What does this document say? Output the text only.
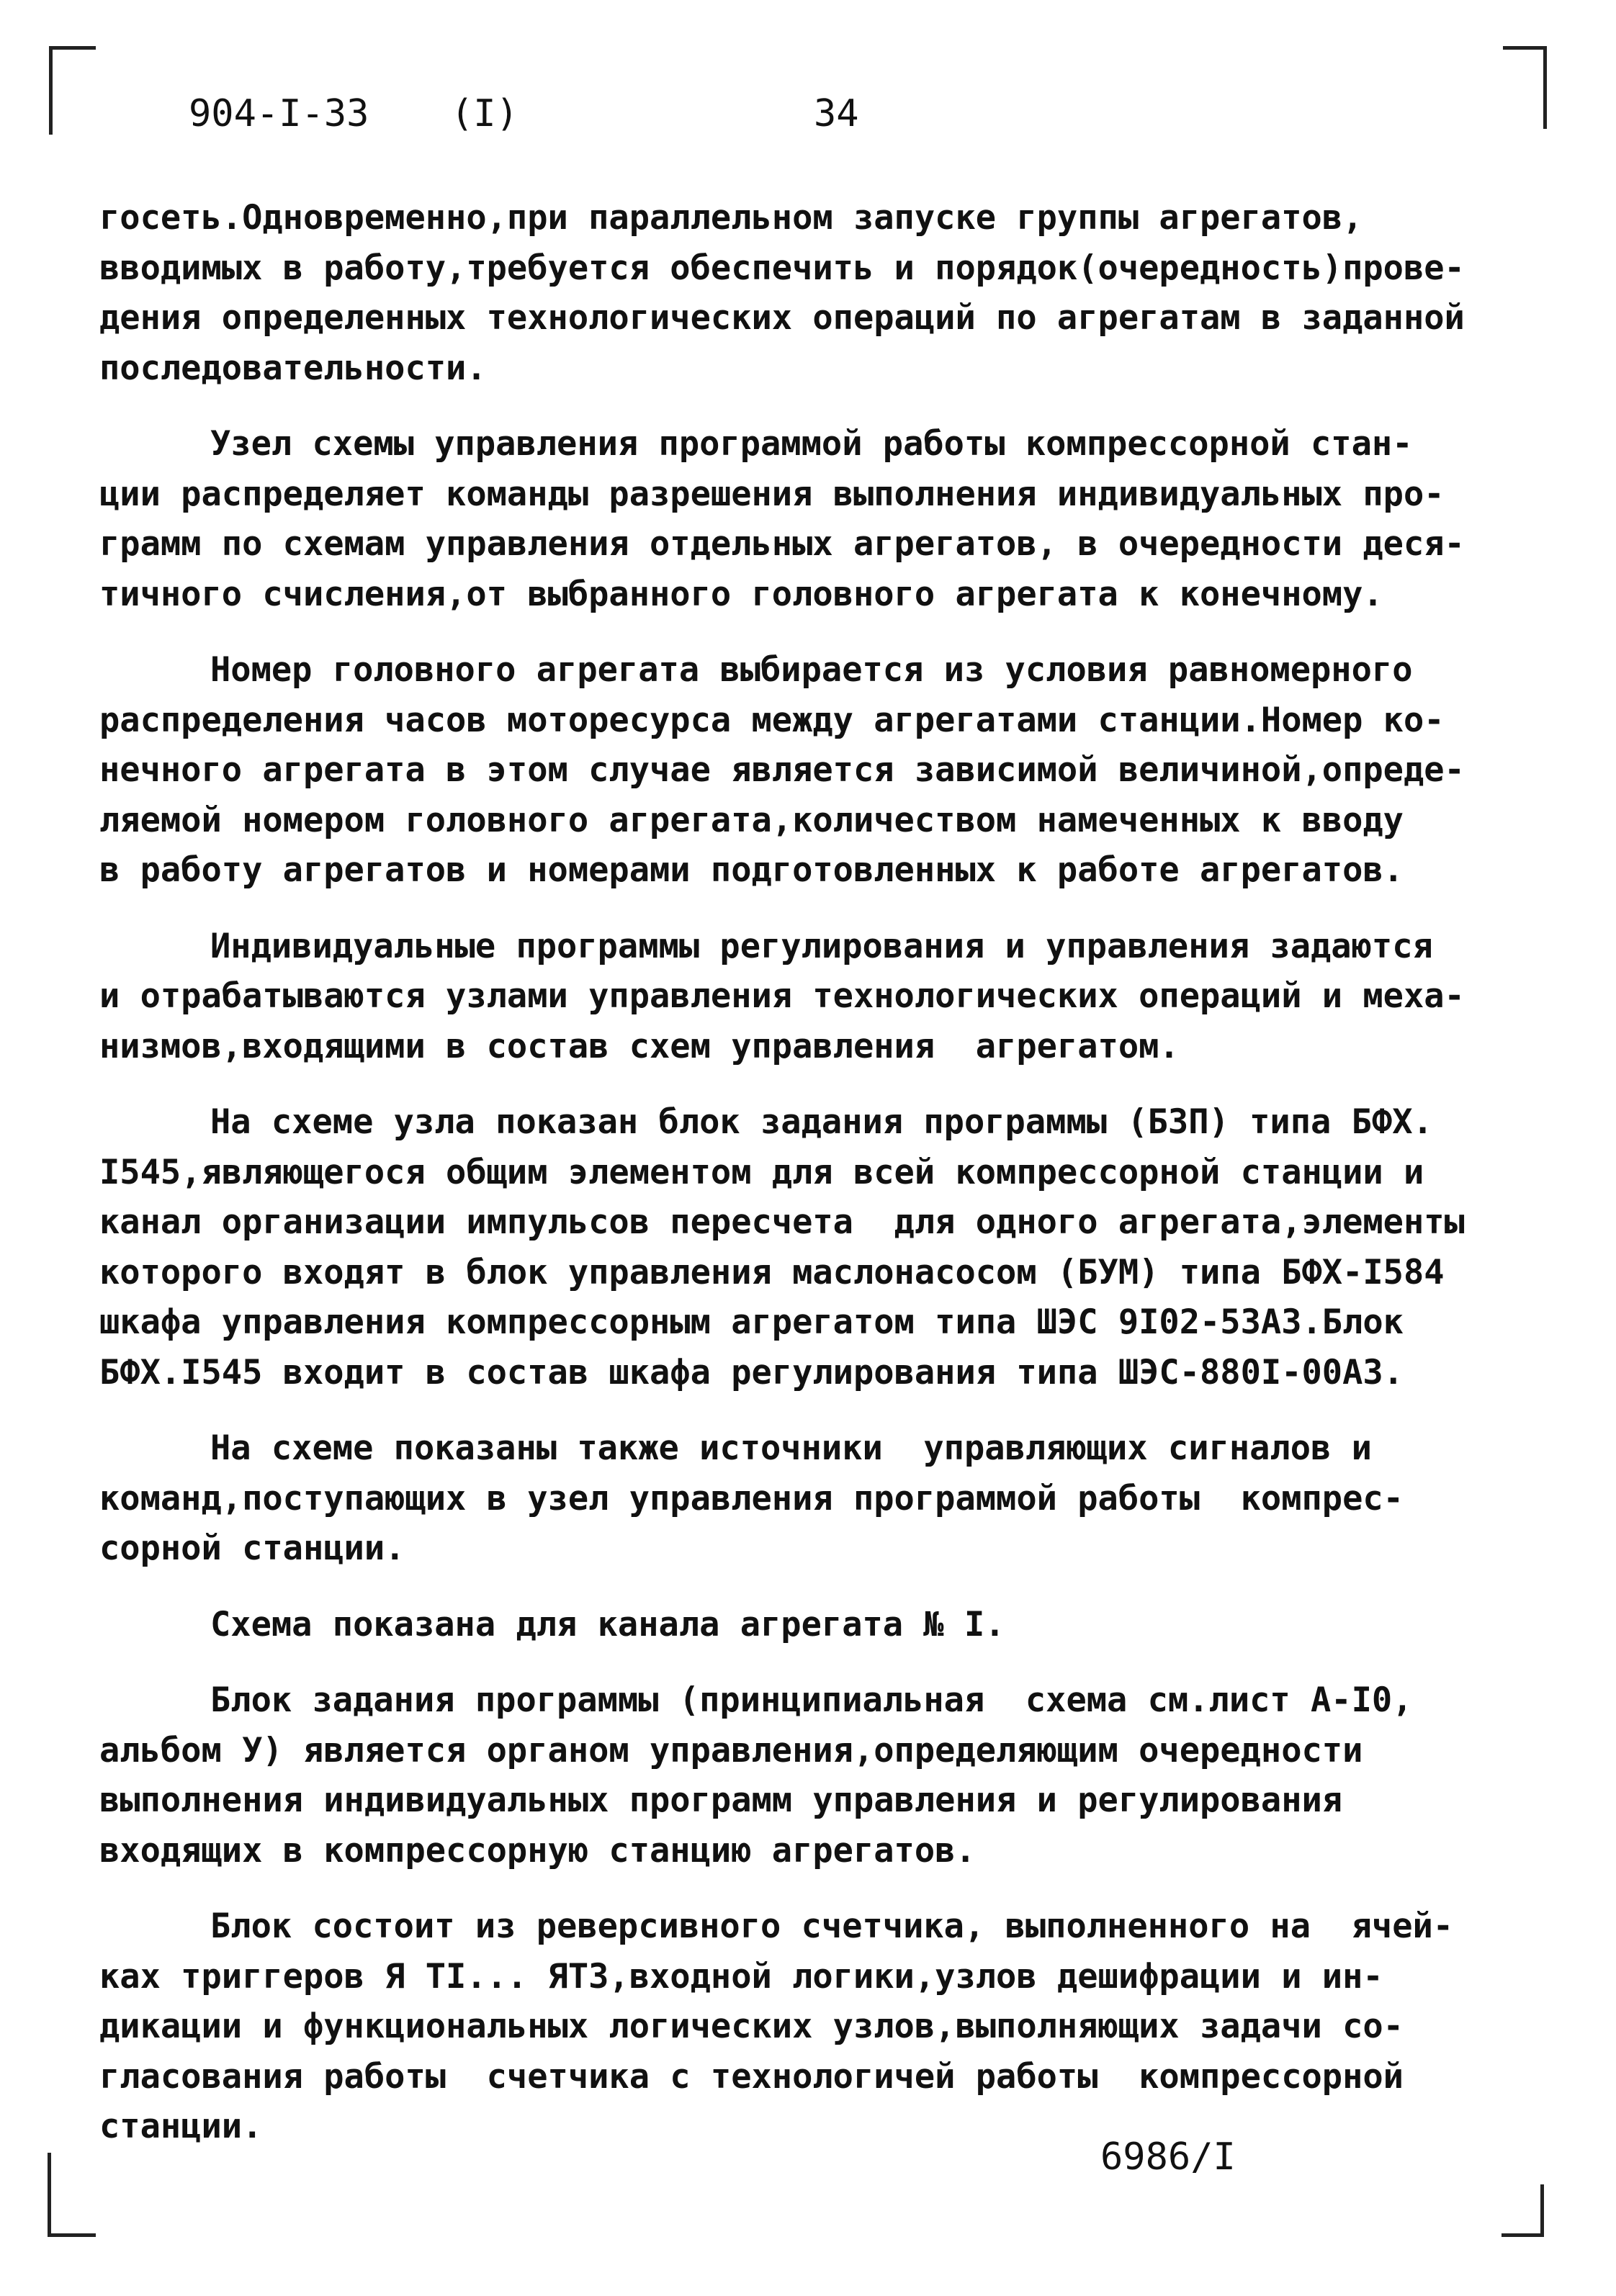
904-I-33 (I)	34
госеть.Одновременно,при параллельном запуске группы агрегатов,
вводимых в работу,требуется обеспечить и порядок(очередность)прове-
дения определенных технологических операций по агрегатам в заданной
последовательности.
Узел схемы управления программой работы компрессорной стан-
ции распределяет команды разрешения выполнения индивидуальных про-
грамм по схемам управления отдельных агрегатов, в очередности деся-
тичного счисления,от выбранного головного агрегата к конечному.
Номер головного агрегата выбирается из условия равномерного
распределения часов моторесурса между агрегатами станции.Номер ко-
нечного агрегата в этом случае является зависимой величиной,опреде-
ляемой номером головного агрегата,количеством намеченных к вводу
в работу агрегатов и номерами подготовленных к работе агрегатов.
Индивидуальные программы регулирования и управления задаются
и отрабатываются узлами управления технологических операций и меха-
низмов,входящими в состав схем управления  агрегатом.
На схеме узла показан блок задания программы (БЗП) типа БФХ.
I545,являющегося общим элементом для всей компрессорной станции и
канал организации импульсов пересчета  для одного агрегата,элементы
которого входят в блок управления маслонасосом (БУМ) типа БФХ-I584
шкафа управления компрессорным агрегатом типа ШЭС 9I02-53А3.Блок
БФХ.I545 входит в состав шкафа регулирования типа ШЭС-880I-00А3.
На схеме показаны также источники  управляющих сигналов и
команд,поступающих в узел управления программой работы  компрес-
сорной станции.
Схема показана для канала агрегата № I.
Блок задания программы (принципиальная  схема см.лист А-I0,
альбом У) является органом управления,определяющим очередности
выполнения индивидуальных программ управления и регулирования
входящих в компрессорную станцию агрегатов.
Блок состоит из реверсивного счетчика, выполненного на  ячей-
ках триггеров Я ТI... ЯТ3,входной логики,узлов дешифрации и ин-
дикации и функциональных логических узлов,выполняющих задачи со-
гласования работы  счетчика с технологичей работы  компрессорной
станции.
6986/I
